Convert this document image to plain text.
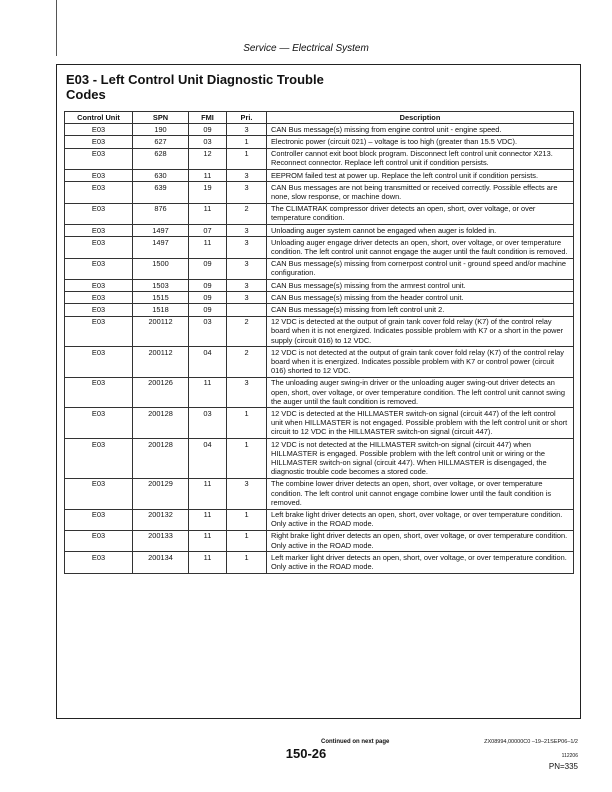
Service — Electrical System
E03 - Left Control Unit Diagnostic Trouble Codes
Control Unit	SPN	FMI	Pri.	Description
E03	190	09	3	CAN Bus message(s) missing from engine control unit - engine speed.
E03	627	03	1	Electronic power (circuit 021) – voltage is too high (greater than 15.5 VDC).
E03	628	12	1	Controller cannot exit boot block program. Disconnect left control unit connector X213. Reconnect connector. Replace left control unit if condition persists.
E03	630	11	3	EEPROM failed test at power up. Replace the left control unit if condition persists.
E03	639	19	3	CAN Bus messages are not being transmitted or received correctly. Possible effects are none, slow response, or machine down.
E03	876	11	2	The CLIMATRAK compressor driver detects an open, short, over voltage, or over temperature condition.
E03	1497	07	3	Unloading auger system cannot be engaged when auger is folded in.
E03	1497	11	3	Unloading auger engage driver detects an open, short, over voltage, or over temperature condition. The left control unit cannot engage the auger until the fault condition is removed.
E03	1500	09	3	CAN Bus message(s) missing from cornerpost control unit - ground speed and/or machine configuration.
E03	1503	09	3	CAN Bus message(s) missing from the armrest control unit.
E03	1515	09	3	CAN Bus message(s) missing from the header control unit.
E03	1518	09		CAN Bus message(s) missing from left control unit 2.
E03	200112	03	2	12 VDC is detected at the output of grain tank cover fold relay (K7) of the control relay board when it is not energized. Indicates possible problem with K7 or a short in the power supply (circuit 016) to 12 VDC.
E03	200112	04	2	12 VDC is not detected at the output of grain tank cover fold relay (K7) of the control relay board when it is energized. Indicates possible problem with K7 or control power (circuit 016) shorted to 12 VDC.
E03	200126	11	3	The unloading auger swing-in driver or the unloading auger swing-out driver detects an open, short, over voltage, or over temperature condition. The left control unit cannot swing the auger until the fault condition is removed.
E03	200128	03	1	12 VDC is detected at the HILLMASTER switch-on signal (circuit 447) of the left control unit when HILLMASTER is not engaged. Possible problem with the left control unit or short circuit to 12 VDC in the HILLMASTER switch-on signal (circuit 447).
E03	200128	04	1	12 VDC is not detected at the HILLMASTER switch-on signal (circuit 447) when HILLMASTER is engaged. Possible problem with the left control unit or wiring or the HILLMASTER switch-on signal (circuit 447). When HILLMASTER is disengaged, the diagnostic trouble code becomes a stored code.
E03	200129	11	3	The combine lower driver detects an open, short, over voltage, or over temperature condition. The left control unit cannot engage combine lower until the fault condition is removed.
E03	200132	11	1	Left brake light driver detects an open, short, over voltage, or over temperature condition. Only active in the ROAD mode.
E03	200133	11	1	Right brake light driver detects an open, short, over voltage, or over temperature condition. Only active in the ROAD mode.
E03	200134	11	1	Left marker light driver detects an open, short, over voltage, or over temperature condition. Only active in the ROAD mode.
Continued on next page	ZX08994,00000C0 –19–21SEP06–1/2
150-26	112206
PN=335
